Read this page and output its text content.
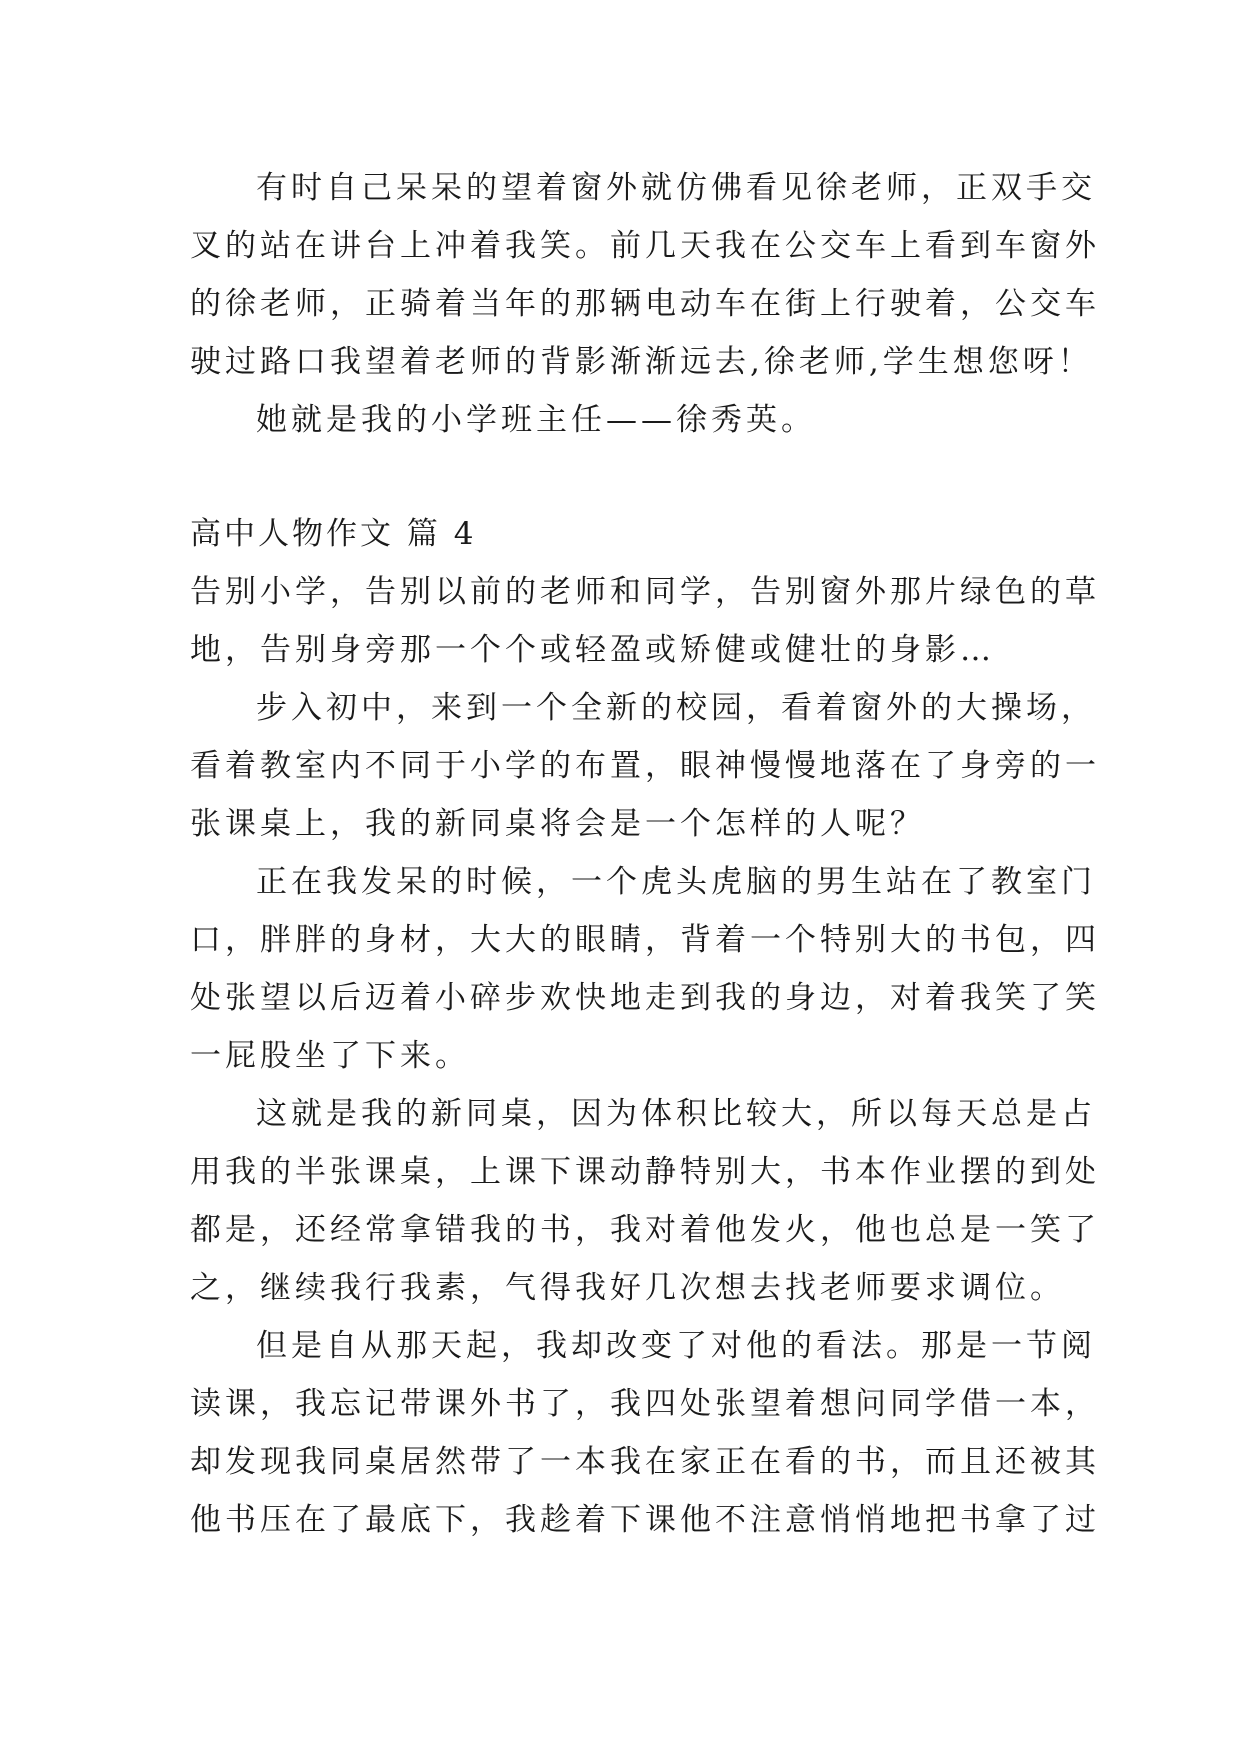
有时自己呆呆的望着窗外就仿佛看见徐老师，正双手交
叉的站在讲台上冲着我笑。前几天我在公交车上看到车窗外
的徐老师，正骑着当年的那辆电动车在街上行驶着，公交车
驶过路口我望着老师的背影渐渐远去,徐老师,学生想您呀！
她就是我的小学班主任——徐秀英。
高中人物作文 篇 4
告别小学，告别以前的老师和同学，告别窗外那片绿色的草
地，告别身旁那一个个或轻盈或矫健或健壮的身影…
步入初中，来到一个全新的校园，看着窗外的大操场，
看着教室内不同于小学的布置，眼神慢慢地落在了身旁的一
张课桌上，我的新同桌将会是一个怎样的人呢？
正在我发呆的时候，一个虎头虎脑的男生站在了教室门
口，胖胖的身材，大大的眼睛，背着一个特别大的书包，四
处张望以后迈着小碎步欢快地走到我的身边，对着我笑了笑
一屁股坐了下来。
这就是我的新同桌，因为体积比较大，所以每天总是占
用我的半张课桌，上课下课动静特别大，书本作业摆的到处
都是，还经常拿错我的书，我对着他发火，他也总是一笑了
之，继续我行我素，气得我好几次想去找老师要求调位。
但是自从那天起，我却改变了对他的看法。那是一节阅
读课，我忘记带课外书了，我四处张望着想问同学借一本，
却发现我同桌居然带了一本我在家正在看的书，而且还被其
他书压在了最底下，我趁着下课他不注意悄悄地把书拿了过
